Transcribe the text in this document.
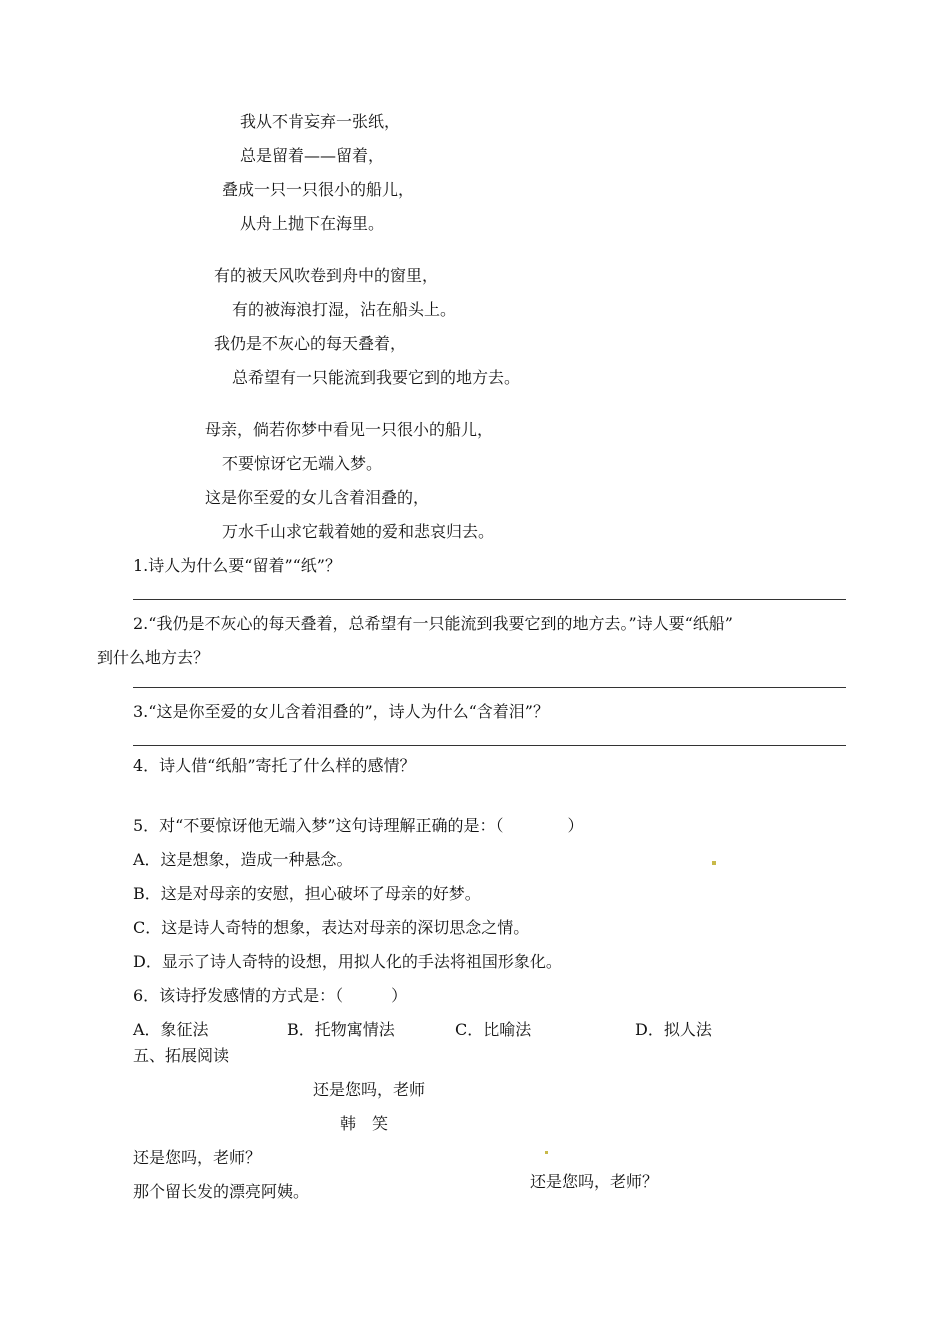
我从不肯妄弃一张纸，
总是留着——留着，
叠成一只一只很小的船儿，
从舟上抛下在海里。
有的被天风吹卷到舟中的窗里，
有的被海浪打湿，沾在船头上。
我仍是不灰心的每天叠着，
总希望有一只能流到我要它到的地方去。
母亲，倘若你梦中看见一只很小的船儿，
不要惊讶它无端入梦。
这是你至爱的女儿含着泪叠的，
万水千山求它载着她的爱和悲哀归去。
1.诗人为什么要“留着”“纸”？
2.“我仍是不灰心的每天叠着，总希望有一只能流到我要它到的地方去。”诗人要“纸船”
到什么地方去？
3.“这是你至爱的女儿含着泪叠的”，诗人为什么“含着泪”？
4．诗人借“纸船”寄托了什么样的感情？
5．对“不要惊讶他无端入梦”这句诗理解正确的是：（　　　　）
A．这是想象，造成一种悬念。
B．这是对母亲的安慰，担心破坏了母亲的好梦。
C．这是诗人奇特的想象，表达对母亲的深切思念之情。
D．显示了诗人奇特的设想，用拟人化的手法将祖国形象化。
6．该诗抒发感情的方式是：（　　　）
A．象征法	B．托物寓情法	C．比喻法	D．拟人法
五、拓展阅读
还是您吗，老师
韩　笑
还是您吗，老师？
那个留长发的漂亮阿姨。
还是您吗，老师？
